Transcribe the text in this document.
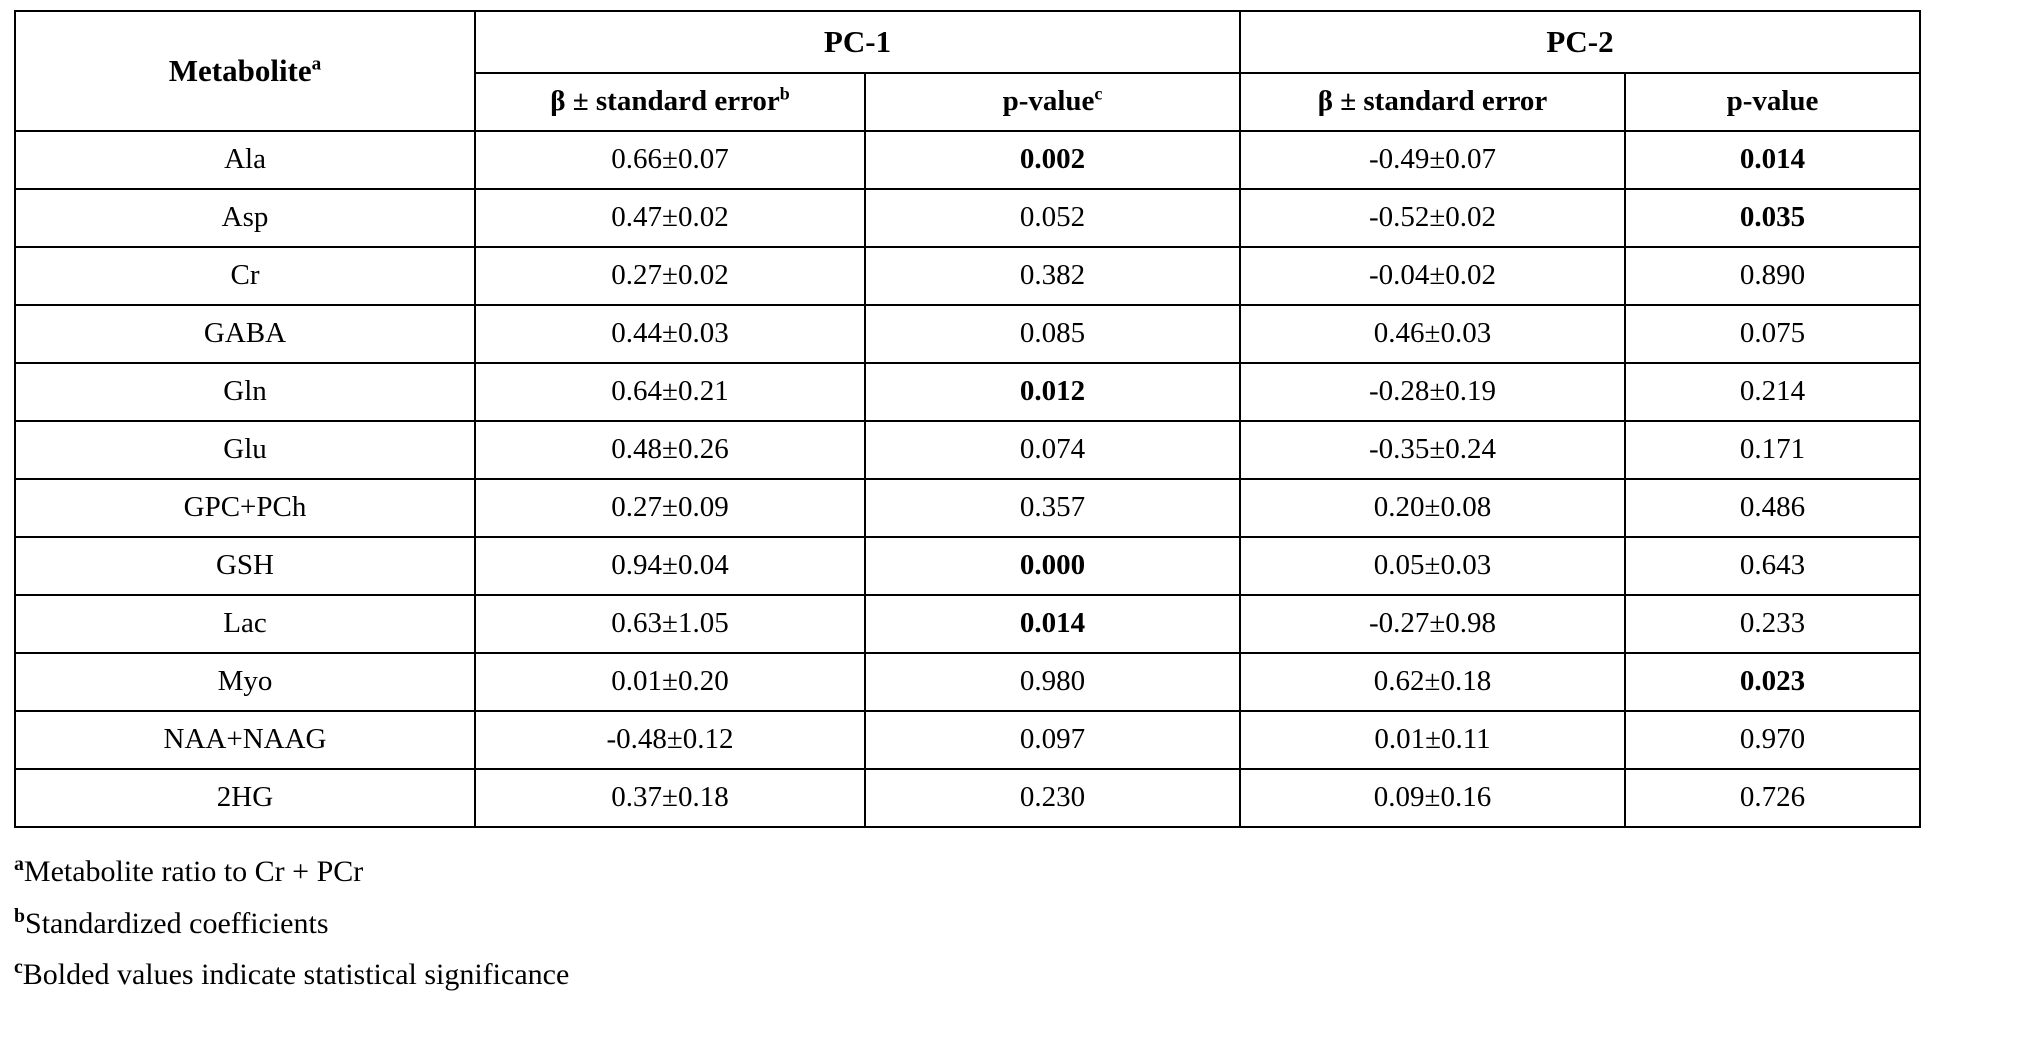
Metabolite$^a$	PC-1		PC-2	
	β ± standard error$^b$	p-value$^c$	β ± standard error	p-value
Ala	0.66±0.07	0.002	-0.49±0.07	0.014
Asp	0.47±0.02	0.052	-0.52±0.02	0.035
Cr	0.27±0.02	0.382	-0.04±0.02	0.890
GABA	0.44±0.03	0.085	0.46±0.03	0.075
Gln	0.64±0.21	0.012	-0.28±0.19	0.214
Glu	0.48±0.26	0.074	-0.35±0.24	0.171
GPC+PCh	0.27±0.09	0.357	0.20±0.08	0.486
GSH	0.94±0.04	0.000	0.05±0.03	0.643
Lac	0.63±1.05	0.014	-0.27±0.98	0.233
Myo	0.01±0.20	0.980	0.62±0.18	0.023
NAA+NAAG	-0.48±0.12	0.097	0.01±0.11	0.970
2HG	0.37±0.18	0.230	0.09±0.16	0.726
$^a$Metabolite ratio to Cr + PCr
$^b$Standardized coefficients
$^c$Bolded values indicate statistical significance
